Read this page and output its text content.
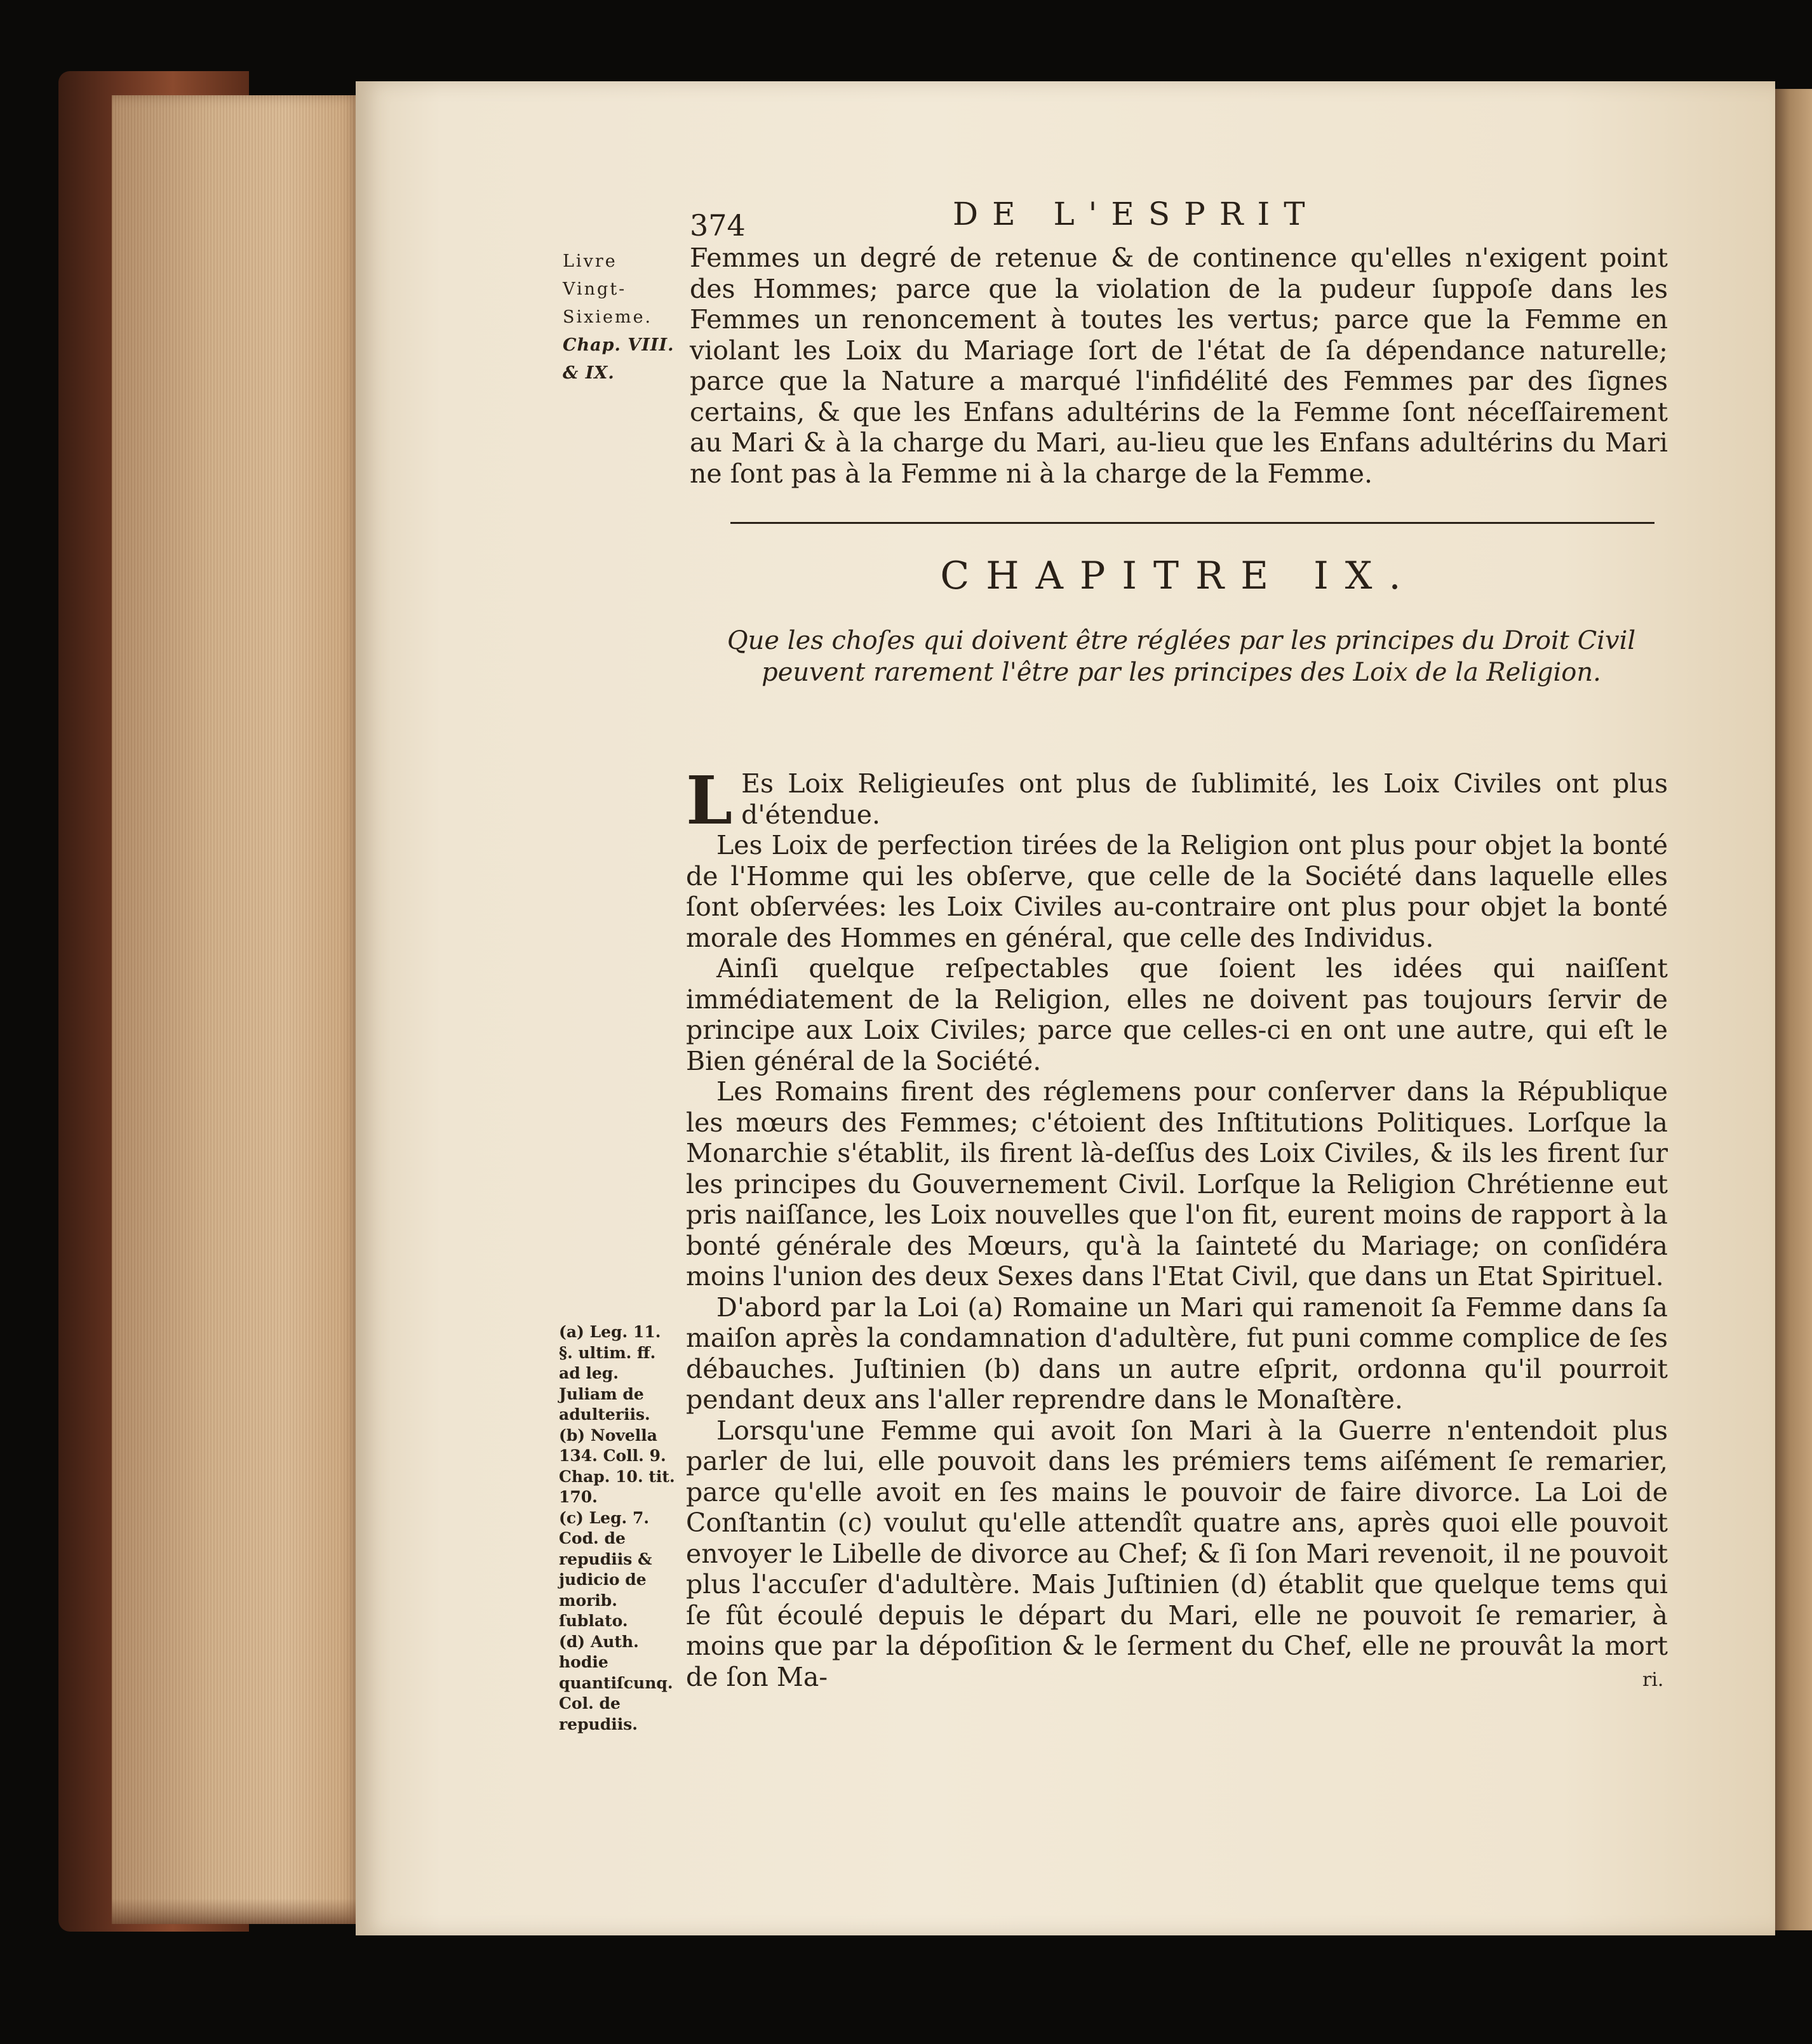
374	DE L'ESPRIT
Livre
Vingt-
Sixieme.
Chap. VIII.
& IX.
Femmes un degré de retenue & de continence qu'elles n'exigent point des Hommes; parce que la violation de la pudeur ſuppoſe dans les Femmes un renoncement à toutes les vertus; parce que la Femme en violant les Loix du Mariage ſort de l'état de ſa dépendance naturelle; parce que la Nature a marqué l'infidélité des Femmes par des ſignes certains, & que les Enfans adultérins de la Femme ſont néceſſairement au Mari & à la charge du Mari, au-lieu que les Enfans adultérins du Mari ne ſont pas à la Femme ni à la charge de la Femme.
CHAPITRE IX.
Que les choſes qui doivent être réglées par les principes du Droit Civil peuvent rarement l'être par les principes des Loix de la Religion.

L Es Loix Religieuſes ont plus de ſublimité, les Loix Civiles ont plus d'étendue.

Les Loix de perfection tirées de la Religion ont plus pour objet la bonté de l'Homme qui les obſerve, que celle de la Société dans laquelle elles ſont obſervées: les Loix Civiles au-contraire ont plus pour objet la bonté morale des Hommes en général, que celle des Individus.

Ainſi quelque reſpectables que ſoient les idées qui naiſſent immédiatement de la Religion, elles ne doivent pas toujours ſervir de principe aux Loix Civiles; parce que celles-ci en ont une autre, qui eſt le Bien général de la Société.

Les Romains firent des réglemens pour conſerver dans la République les mœurs des Femmes; c'étoient des Inſtitutions Politiques. Lorſque la Monarchie s'établit, ils firent là-deſſus des Loix Civiles, & ils les firent ſur les principes du Gouvernement Civil. Lorſque la Religion Chrétienne eut pris naiſſance, les Loix nouvelles que l'on fit, eurent moins de rapport à la bonté générale des Mœurs, qu'à la ſainteté du Mariage; on conſidéra moins l'union des deux Sexes dans l'Etat Civil, que dans un Etat Spirituel.

D'abord par la Loi (a) Romaine un Mari qui ramenoit ſa Femme dans ſa maiſon après la condamnation d'adultère, fut puni comme complice de ſes débauches. Juſtinien (b) dans un autre eſprit, ordonna qu'il pourroit pendant deux ans l'aller reprendre dans le Monaſtère.

Lorsqu'une Femme qui avoit ſon Mari à la Guerre n'entendoit plus parler de lui, elle pouvoit dans les prémiers tems aiſément ſe remarier, parce qu'elle avoit en ſes mains le pouvoir de faire divorce. La Loi de Conſtantin (c) voulut qu'elle attendît quatre ans, après quoi elle pouvoit envoyer le Libelle de divorce au Chef; & ſi ſon Mari revenoit, il ne pouvoit plus l'accuſer d'adultère. Mais Juſtinien (d) établit que quelque tems qui ſe fût écoulé depuis le départ du Mari, elle ne pouvoit ſe remarier, à moins que par la dépoſition & le ſerment du Chef, elle ne prouvât la mort de ſon Ma-

(a) Leg. 11. §. ultim. ff. ad leg. Juliam de adulteriis.
(b) Novella 134. Coll. 9. Chap. 10. tit. 170.
(c) Leg. 7. Cod. de repudiis & judicio de morib. ſublato.
(d) Auth. hodie quantiſcunq. Col. de repudiis.
ri.
